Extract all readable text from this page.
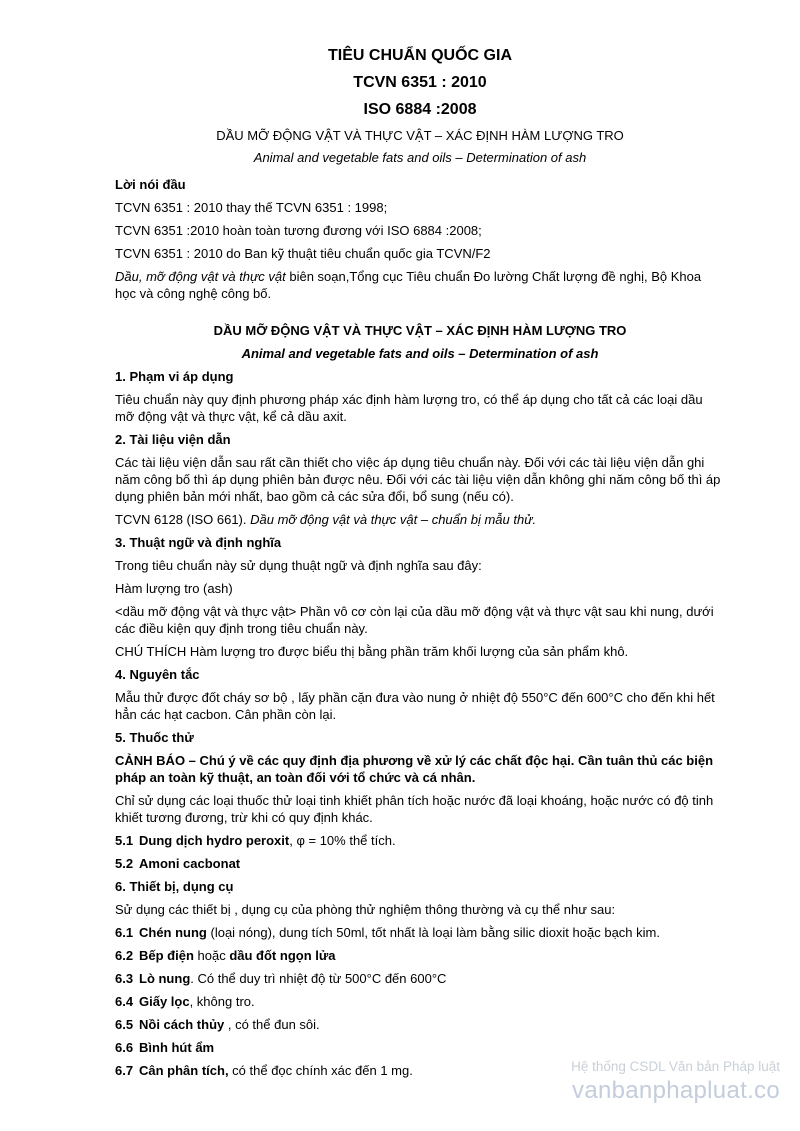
TIÊU CHUẨN QUỐC GIA
TCVN 6351 : 2010
ISO 6884 :2008
DẦU MỠ ĐỘNG VẬT VÀ THỰC VẬT – XÁC ĐỊNH HÀM LƯỢNG TRO
Animal and vegetable fats and oils – Determination of ash

Lời nói đầu

TCVN 6351 : 2010 thay thế TCVN 6351 : 1998;

TCVN 6351 :2010 hoàn toàn tương đương với ISO 6884 :2008;

TCVN 6351 : 2010 do Ban kỹ thuật tiêu chuẩn quốc gia TCVN/F2

Dầu, mỡ động vật và thực vật biên soạn,Tổng cục Tiêu chuẩn Đo lường Chất lượng đề nghị, Bộ Khoa học và công nghệ công bố.

DẦU MỠ ĐỘNG VẬT VÀ THỰC VẬT – XÁC ĐỊNH HÀM LƯỢNG TRO

Animal and vegetable fats and oils – Determination of ash

1. Phạm vi áp dụng

Tiêu chuẩn này quy định phương pháp xác định hàm lượng tro, có thể áp dụng cho tất cả các loại dầu mỡ động vật và thực vật, kể cả dầu axit.

2. Tài liệu viện dẫn

Các tài liệu viện dẫn sau rất cần thiết cho việc áp dụng tiêu chuẩn này. Đối với các tài liệu viện dẫn ghi năm công bố thì áp dụng phiên bản được nêu. Đối với các tài liệu viện dẫn không ghi năm công bố thì áp dụng phiên bản mới nhất, bao gồm cả các sửa đổi, bổ sung (nếu có).

TCVN 6128 (ISO 661). Dầu mỡ động vật và thực vật – chuẩn bị mẫu thử.

3. Thuật ngữ và định nghĩa

Trong tiêu chuẩn này sử dụng thuật ngữ và định nghĩa sau đây:

Hàm lượng tro (ash)

<dầu mỡ động vật và thực vật> Phần vô cơ còn lại của dầu mỡ động vật và thực vật sau khi nung, dưới các điều kiện quy định trong tiêu chuẩn này.

CHÚ THÍCH Hàm lượng tro được biểu thị bằng phần trăm khối lượng của sản phẩm khô.

4. Nguyên tắc

Mẫu thử được đốt cháy sơ bộ , lấy phần cặn đưa vào nung ở nhiệt độ 550°C đến 600°C cho đến khi hết hẳn các hạt cacbon. Cân phần còn lại.

5. Thuốc thử

CẢNH BÁO – Chú ý về các quy định địa phương về xử lý các chất độc hại. Cần tuân thủ các biện pháp an toàn kỹ thuật, an toàn đối với tổ chức và cá nhân.

Chỉ sử dụng các loại thuốc thử loại tinh khiết phân tích hoặc nước đã loại khoáng, hoặc nước có độ tinh khiết tương đương, trừ khi có quy định khác.

5.1 Dung dịch hydro peroxit, φ = 10% thể tích.

5.2 Amoni cacbonat

6. Thiết bị, dụng cụ

Sử dụng các thiết bị , dụng cụ của phòng thử nghiệm thông thường và cụ thể như sau:

6.1 Chén nung (loại nóng), dung tích 50ml, tốt nhất là loại làm bằng silic dioxit hoặc bạch kim.

6.2 Bếp điện hoặc dầu đốt ngọn lửa

6.3 Lò nung. Có thể duy trì nhiệt độ từ 500°C đến 600°C

6.4 Giấy lọc, không tro.

6.5 Nồi cách thủy , có thể đun sôi.

6.6 Bình hút ẩm

6.7 Cân phân tích, có thể đọc chính xác đến 1 mg.	Hệ thống CSDL Văn bản Pháp luật
vanbanphapluat.co
